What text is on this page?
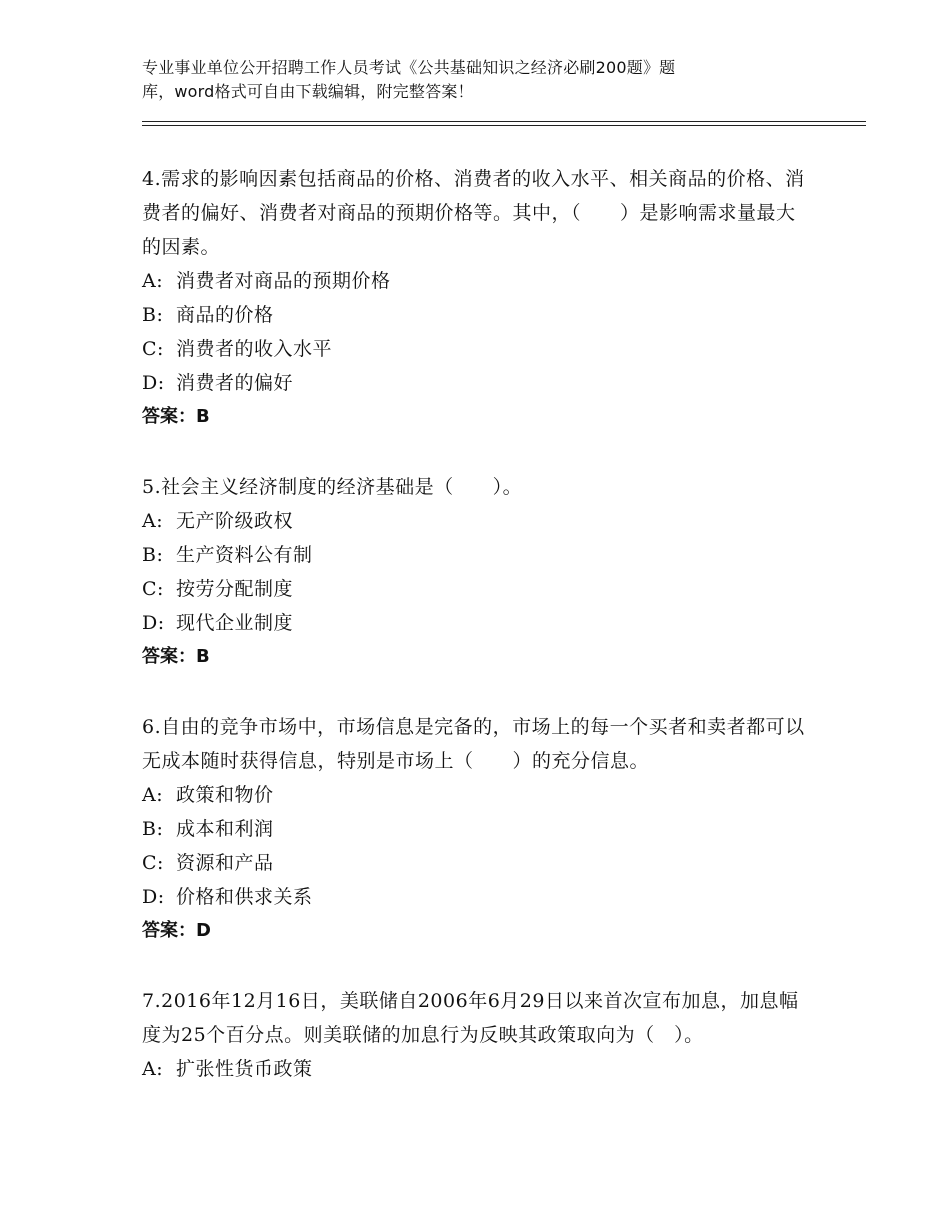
专业事业单位公开招聘工作人员考试《公共基础知识之经济必刷200题》题
库，word格式可自由下载编辑，附完整答案！
4.需求的影响因素包括商品的价格、消费者的收入水平、相关商品的价格、消费者的偏好、消费者对商品的预期价格等。其中，（　　）是影响需求量最大的因素。
A: 消费者对商品的预期价格
B: 商品的价格
C: 消费者的收入水平
D: 消费者的偏好
答案：B
5.社会主义经济制度的经济基础是（　　）。
A: 无产阶级政权
B: 生产资料公有制
C: 按劳分配制度
D: 现代企业制度
答案：B
6.自由的竞争市场中，市场信息是完备的，市场上的每一个买者和卖者都可以无成本随时获得信息，特别是市场上（　　）的充分信息。
A: 政策和物价
B: 成本和利润
C: 资源和产品
D: 价格和供求关系
答案：D
7.2016年12月16日，美联储自2006年6月29日以来首次宣布加息，加息幅度为25个百分点。则美联储的加息行为反映其政策取向为（　）。
A: 扩张性货币政策
